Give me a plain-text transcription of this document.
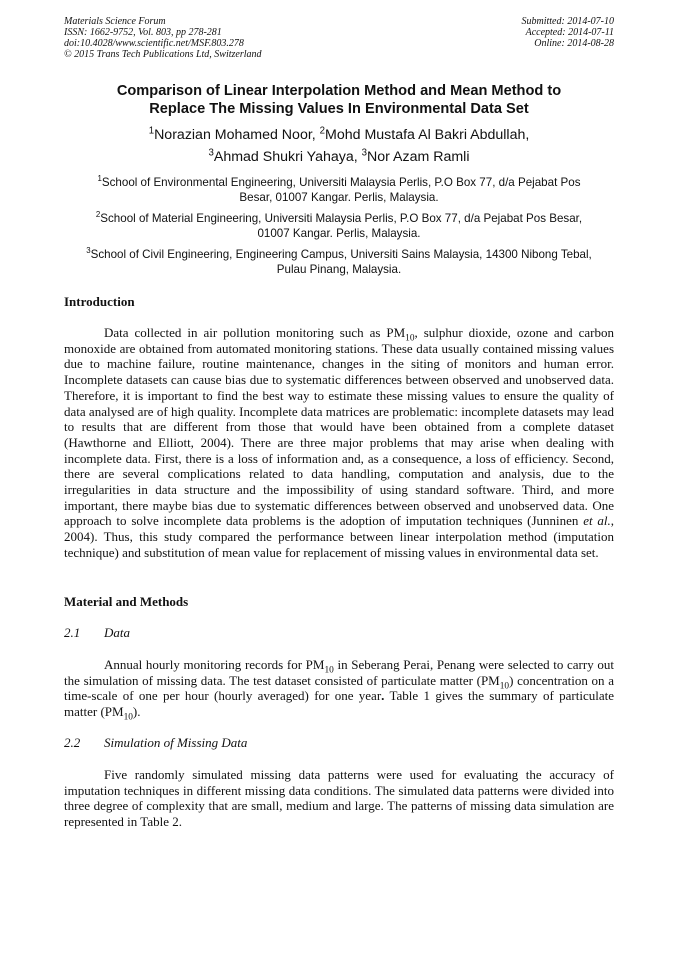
Materials Science Forum
ISSN: 1662-9752, Vol. 803, pp 278-281
doi:10.4028/www.scientific.net/MSF.803.278
© 2015 Trans Tech Publications Ltd, Switzerland
Submitted: 2014-07-10
Accepted: 2014-07-11
Online: 2014-08-28
Comparison of Linear Interpolation Method and Mean Method to
Replace The Missing Values In Environmental Data Set
$^1$Norazian Mohamed Noor, $^2$Mohd Mustafa Al Bakri Abdullah,
$^3$Ahmad Shukri Yahaya, $^3$Nor Azam Ramli
$^1$School of Environmental Engineering, Universiti Malaysia Perlis, P.O Box 77, d/a Pejabat Pos
Besar, 01007 Kangar. Perlis, Malaysia.
$^2$School of Material Engineering, Universiti Malaysia Perlis, P.O Box 77, d/a Pejabat Pos Besar,
01007 Kangar. Perlis, Malaysia.
$^3$School of Civil Engineering, Engineering Campus, Universiti Sains Malaysia, 14300 Nibong Tebal,
Pulau Pinang, Malaysia.
Introduction
Data collected in air pollution monitoring such as $PM_{10}$, sulphur dioxide, ozone and carbon monoxide are obtained from automated monitoring stations. These data usually contained missing values due to machine failure, routine maintenance, changes in the siting of monitors and human error. Incomplete datasets can cause bias due to systematic differences between observed and unobserved data. Therefore, it is important to find the best way to estimate these missing values to ensure the quality of data analysed are of high quality. Incomplete data matrices are problematic: incomplete datasets may lead to results that are different from those that would have been obtained from a complete dataset (Hawthorne and Elliott, 2004). There are three major problems that may arise when dealing with incomplete data. First, there is a loss of information and, as a consequence, a loss of efficiency. Second, there are several complications related to data handling, computation and analysis, due to the irregularities in data structure and the impossibility of using standard software. Third, and more important, there maybe bias due to systematic differences between observed and unobserved data. One approach to solve incomplete data problems is the adoption of imputation techniques (Junninen et al., 2004). Thus, this study compared the performance between linear interpolation method (imputation technique) and substitution of mean value for replacement of missing values in environmental data set.
Material and Methods
2.1 Data
Annual hourly monitoring records for $PM_{10}$ in Seberang Perai, Penang were selected to carry out the simulation of missing data. The test dataset consisted of particulate matter $(PM_{10})$ concentration on a time-scale of one per hour (hourly averaged) for one year. Table 1 gives the summary of particulate matter $(PM_{10})$.
2.2 Simulation of Missing Data
Five randomly simulated missing data patterns were used for evaluating the accuracy of imputation techniques in different missing data conditions. The simulated data patterns were divided into three degree of complexity that are small, medium and large. The patterns of missing data simulation are represented in Table 2.
